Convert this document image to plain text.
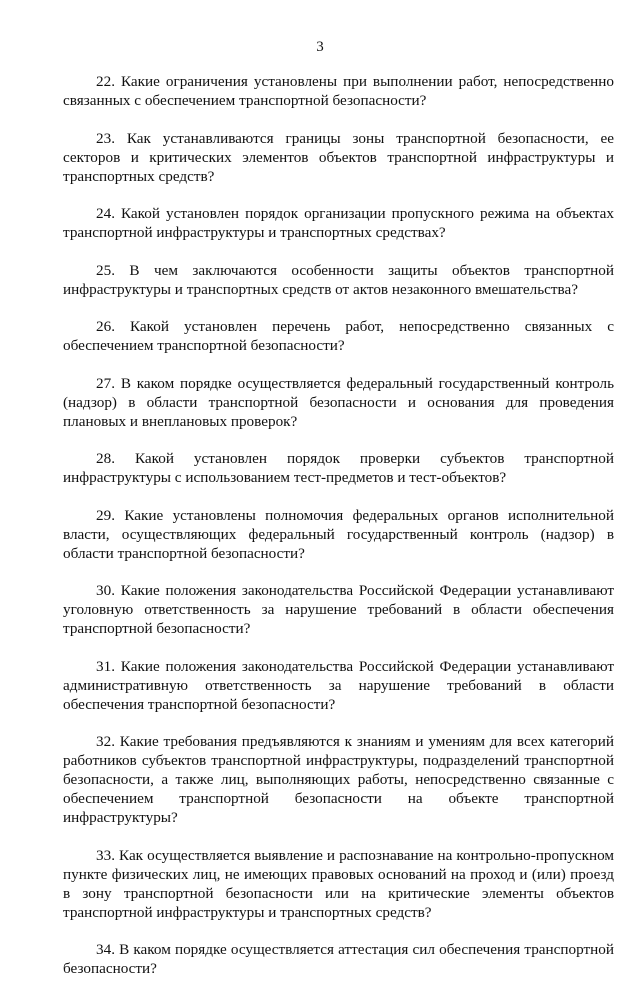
3

22. Какие ограничения установлены при выполнении работ, непосредственно связанных с обеспечением транспортной безопасности?

23. Как устанавливаются границы зоны транспортной безопасности, ее секторов и критических элементов объектов транспортной инфраструктуры и транспортных средств?

24. Какой установлен порядок организации пропускного режима на объектах транспортной инфраструктуры и транспортных средствах?

25. В чем заключаются особенности защиты объектов транспортной инфраструктуры и транспортных средств от актов незаконного вмешательства?

26. Какой установлен перечень работ, непосредственно связанных с обеспечением транспортной безопасности?

27. В каком порядке осуществляется федеральный государственный контроль (надзор) в области транспортной безопасности и основания для проведения плановых и внеплановых проверок?

28. Какой установлен порядок проверки субъектов транспортной инфраструктуры с использованием тест-предметов и тест-объектов?

29. Какие установлены полномочия федеральных органов исполнительной власти, осуществляющих федеральный государственный контроль (надзор) в области транспортной безопасности?

30. Какие положения законодательства Российской Федерации устанавливают уголовную ответственность за нарушение требований в области обеспечения транспортной безопасности?

31. Какие положения законодательства Российской Федерации устанавливают административную ответственность за нарушение требований в области обеспечения транспортной безопасности?

32. Какие требования предъявляются к знаниям и умениям для всех категорий работников субъектов транспортной инфраструктуры, подразделений транспортной безопасности, а также лиц, выполняющих работы, непосредственно связанные с обеспечением транспортной безопасности на объекте транспортной инфраструктуры?

33. Как осуществляется выявление и распознавание на контрольно-пропускном пункте физических лиц, не имеющих правовых оснований на проход и (или) проезд в зону транспортной безопасности или на критические элементы объектов транспортной инфраструктуры и транспортных средств?

34. В каком порядке осуществляется аттестация сил обеспечения транспортной безопасности?
